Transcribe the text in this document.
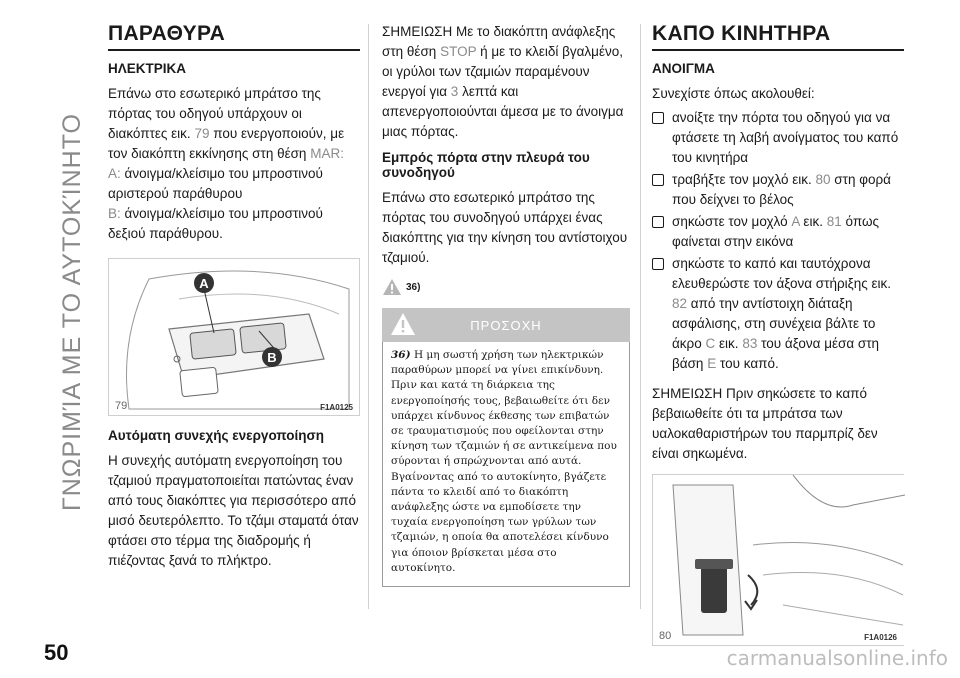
ΓΝΩΡΙΜΊΑ ΜΕ ΤΟ ΑΥΤΟΚΊΝΗΤΟ
50
ΠΑΡΑΘΥΡΑ
ΗΛΕΚΤΡΙΚΑ

Επάνω στο εσωτερικό μπράτσο της πόρτας του οδηγού υπάρχουν οι διακόπτες εικ. 79 που ενεργοποιούν, με τον διακόπτη εκκίνησης στη θέση MAR:

A: άνοιγμα/κλείσιμο του μπροστινού αριστερού παράθυρου

B: άνοιγμα/κλείσιμο του μπροστινού δεξιού παράθυρου.

A
B
79	F1A0125
Αυτόματη συνεχής ενεργοποίηση

Η συνεχής αυτόματη ενεργοποίηση του τζαμιού πραγματοποιείται πατώντας έναν από τους διακόπτες για περισσότερο από μισό δευτερόλεπτο. Το τζάμι σταματά όταν φτάσει στο τέρμα της διαδρομής ή πιέζοντας ξανά το πλήκτρο.

ΣΗΜΕΙΩΣΗ Με το διακόπτη ανάφλεξης στη θέση STOP ή με το κλειδί βγαλμένο, οι γρύλοι των τζαμιών παραμένουν ενεργοί για 3 λεπτά και απενεργοποιούνται άμεσα με το άνοιγμα μιας πόρτας.

Εμπρός πόρτα στην πλευρά του συνοδηγού

Επάνω στο εσωτερικό μπράτσο της πόρτας του συνοδηγού υπάρχει ένας διακόπτης για την κίνηση του αντίστοιχου τζαμιού.

36)
ΠΡΟΣΟΧΗ

36) Η μη σωστή χρήση των ηλεκτρικών παραθύρων μπορεί να γίνει επικίνδυνη. Πριν και κατά τη διάρκεια της ενεργοποίησής τους, βεβαιωθείτε ότι δεν υπάρχει κίνδυνος έκθεσης των επιβατών σε τραυματισμούς που οφείλονται στην κίνηση των τζαμιών ή σε αντικείμενα που σύρονται ή σπρώχνονται από αυτά. Βγαίνοντας από το αυτοκίνητο, βγάζετε πάντα το κλειδί από το διακόπτη ανάφλεξης ώστε να εμποδίσετε την τυχαία ενεργοποίηση των γρύλων των τζαμιών, η οποία θα αποτελέσει κίνδυνο για όποιον βρίσκεται μέσα στο αυτοκίνητο.

ΚΑΠΟ ΚΙΝΗΤΗΡΑ
ΑΝΟΙΓΜΑ

Συνεχίστε όπως ακολουθεί:

ανοίξτε την πόρτα του οδηγού για να φτάσετε τη λαβή ανοίγματος του καπό του κινητήρα

τραβήξτε τον μοχλό εικ. 80 στη φορά που δείχνει το βέλος

σηκώστε τον μοχλό A εικ. 81 όπως φαίνεται στην εικόνα

σηκώστε το καπό και ταυτόχρονα ελευθερώστε τον άξονα στήριξης εικ. 82 από την αντίστοιχη διάταξη ασφάλισης, στη συνέχεια βάλτε το άκρο C εικ. 83 του άξονα μέσα στη βάση E του καπό.

ΣΗΜΕΙΩΣΗ Πριν σηκώσετε το καπό βεβαιωθείτε ότι τα μπράτσα των υαλοκαθαριστήρων του παρμπρίζ δεν είναι σηκωμένα.

80	F1A0126
carmanualsonline.info
